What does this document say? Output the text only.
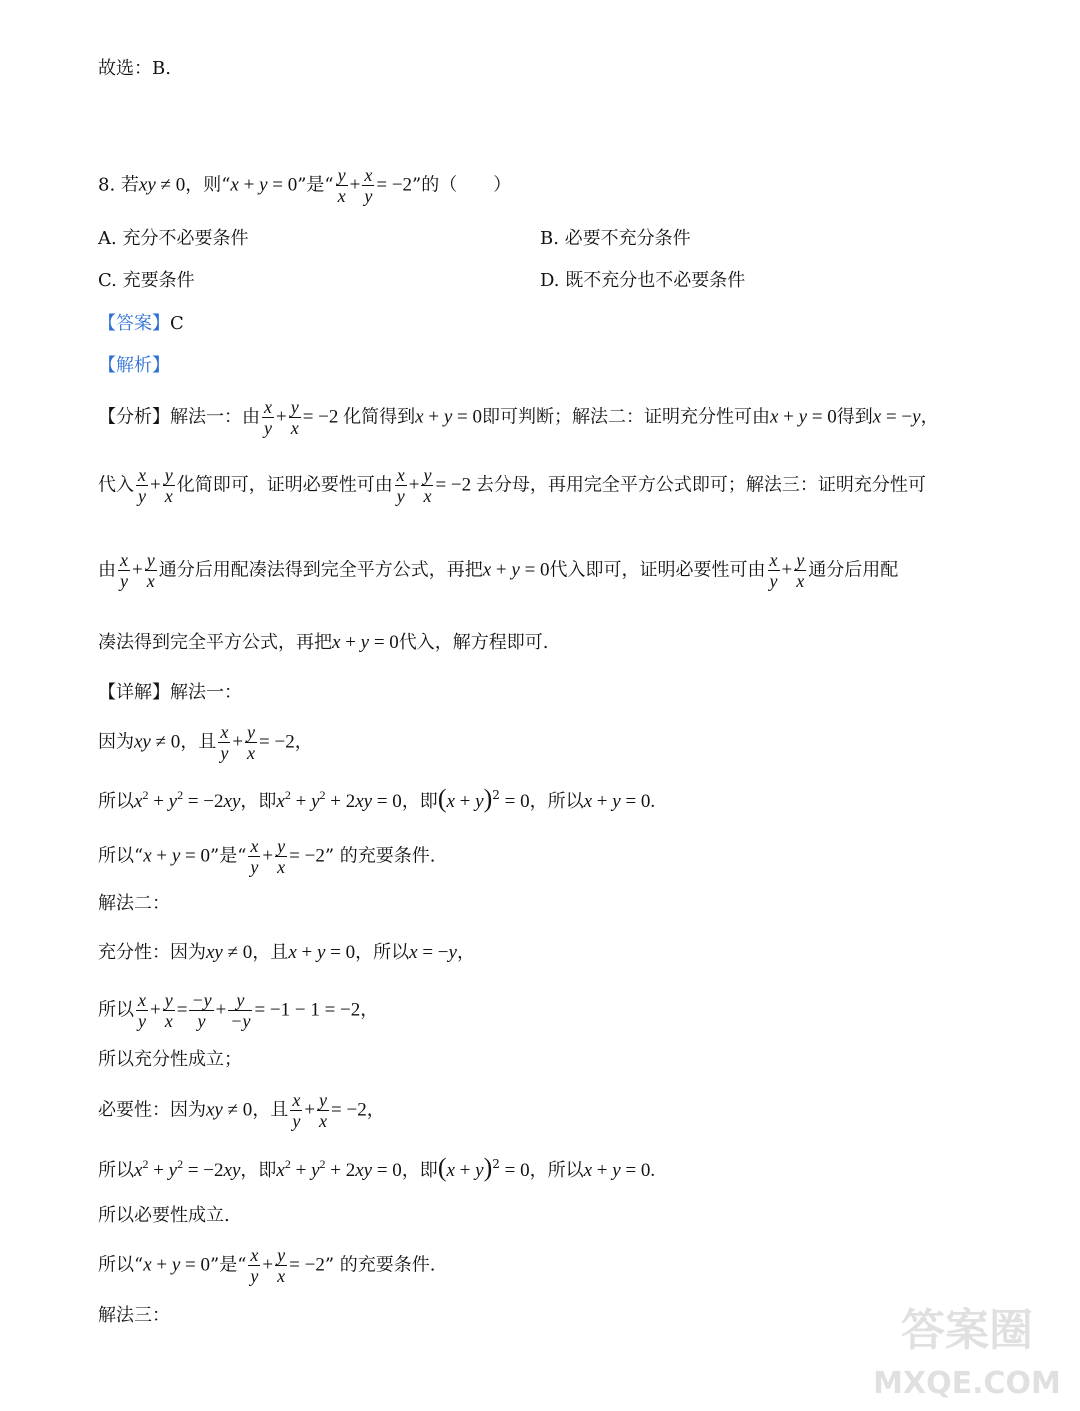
故选：B.
8. 若xy ≠ 0，则“x + y = 0”是“ $\frac{y}{x} + \frac{x}{y} = -2$”的（　　）
A. 充分不必要条件	B. 必要不充分条件
C. 充要条件	D. 既不充分也不必要条件
【答案】C
【解析】
【分析】解法一：由 $\frac{x}{y} + \frac{y}{x} = -2$ 化简得到x + y = 0即可判断；解法二：证明充分性可由x + y = 0得到x = −y，
代入 $\frac{x}{y} + \frac{y}{x}$ 化简即可，证明必要性可由 $\frac{x}{y} + \frac{y}{x} = -2$ 去分母，再用完全平方公式即可；解法三：证明充分性可
由 $\frac{x}{y} + \frac{y}{x}$ 通分后用配凑法得到完全平方公式，再把x + y = 0代入即可，证明必要性可由 $\frac{x}{y} + \frac{y}{x}$ 通分后用配
凑法得到完全平方公式，再把x + y = 0代入，解方程即可.
【详解】解法一：
因为xy ≠ 0，且 $\frac{x}{y} + \frac{y}{x} = -2$，
所以$x^2 + y^2 = -2xy$，即$x^2 + y^2 + 2xy = 0$，即$(x + y)^2 = 0$，所以x + y = 0.
所以“x + y = 0”是“ $\frac{x}{y} + \frac{y}{x} = -2$” 的充要条件.
解法二：
充分性：因为xy ≠ 0，且x + y = 0，所以x = −y，
所以 $\frac{x}{y} + \frac{y}{x} = \frac{-y}{y} + \frac{y}{-y} = -1 - 1 = -2$，
所以充分性成立；
必要性：因为xy ≠ 0，且 $\frac{x}{y} + \frac{y}{x} = -2$，
所以$x^2 + y^2 = -2xy$，即$x^2 + y^2 + 2xy = 0$，即$(x + y)^2 = 0$，所以x + y = 0.
所以必要性成立.
所以“x + y = 0”是“ $\frac{x}{y} + \frac{y}{x} = -2$” 的充要条件.
解法三：	答案圈
MXQE.COM
